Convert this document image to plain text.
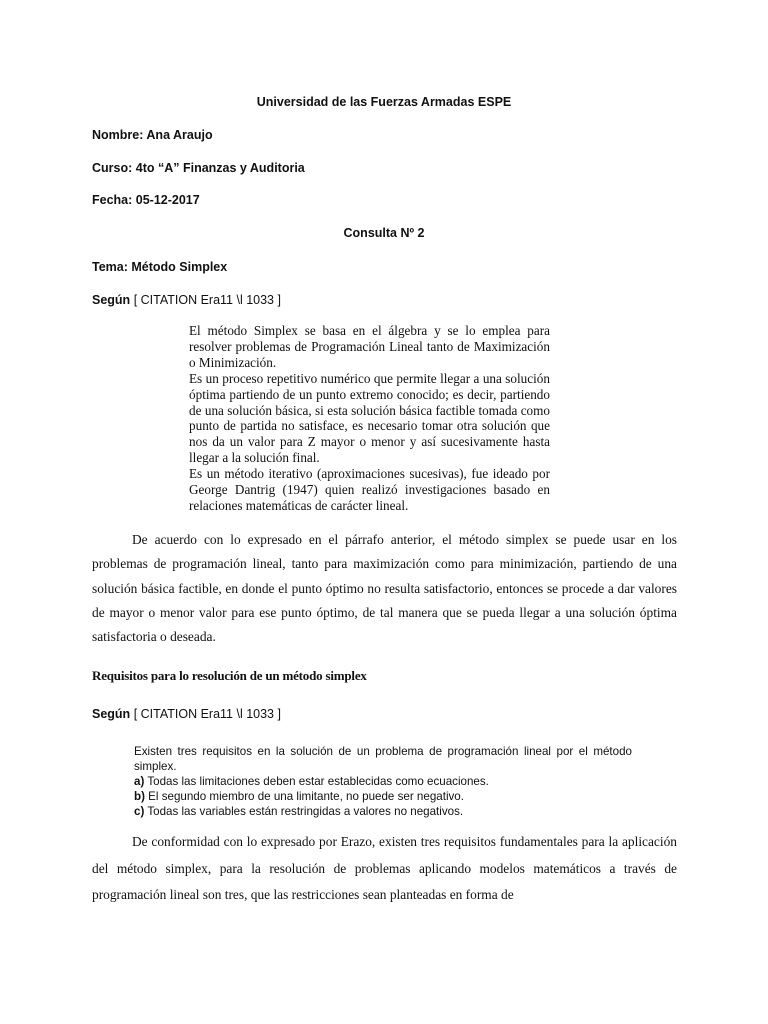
Universidad de las Fuerzas Armadas ESPE
Nombre: Ana Araujo
Curso: 4to “A” Finanzas y Auditoria
Fecha: 05-12-2017
Consulta Nº 2
Tema: Método Simplex
Según [ CITATION Era11 \l 1033 ]

El método Simplex se basa en el álgebra y se lo emplea para resolver problemas de Programación Lineal tanto de Maximización o Minimización.

Es un proceso repetitivo numérico que permite llegar a una solución óptima partiendo de un punto extremo conocido; es decir, partiendo de una solución básica, si esta solución básica factible tomada como punto de partida no satisface, es necesario tomar otra solución que nos da un valor para Z mayor o menor y así sucesivamente hasta llegar a la solución final.

Es un método iterativo (aproximaciones sucesivas), fue ideado por George Dantrig (1947) quien realizó investigaciones basado en relaciones matemáticas de carácter lineal.

De acuerdo con lo expresado en el párrafo anterior, el método simplex se puede usar en los problemas de programación lineal, tanto para maximización como para minimización, partiendo de una solución básica factible, en donde el punto óptimo no resulta satisfactorio, entonces se procede a dar valores de mayor o menor valor para ese punto óptimo, de tal manera que se pueda llegar a una solución óptima satisfactoria o deseada.

Requisitos para lo resolución de un método simplex
Según [ CITATION Era11 \l 1033 ]

Existen tres requisitos en la solución de un problema de programación lineal por el método simplex.

a) Todas las limitaciones deben estar establecidas como ecuaciones.

b) El segundo miembro de una limitante, no puede ser negativo.

c) Todas las variables están restringidas a valores no negativos.

De conformidad con lo expresado por Erazo, existen tres requisitos fundamentales para la aplicación del método simplex, para la resolución de problemas aplicando modelos matemáticos a través de programación lineal son tres, que las restricciones sean planteadas en forma de
